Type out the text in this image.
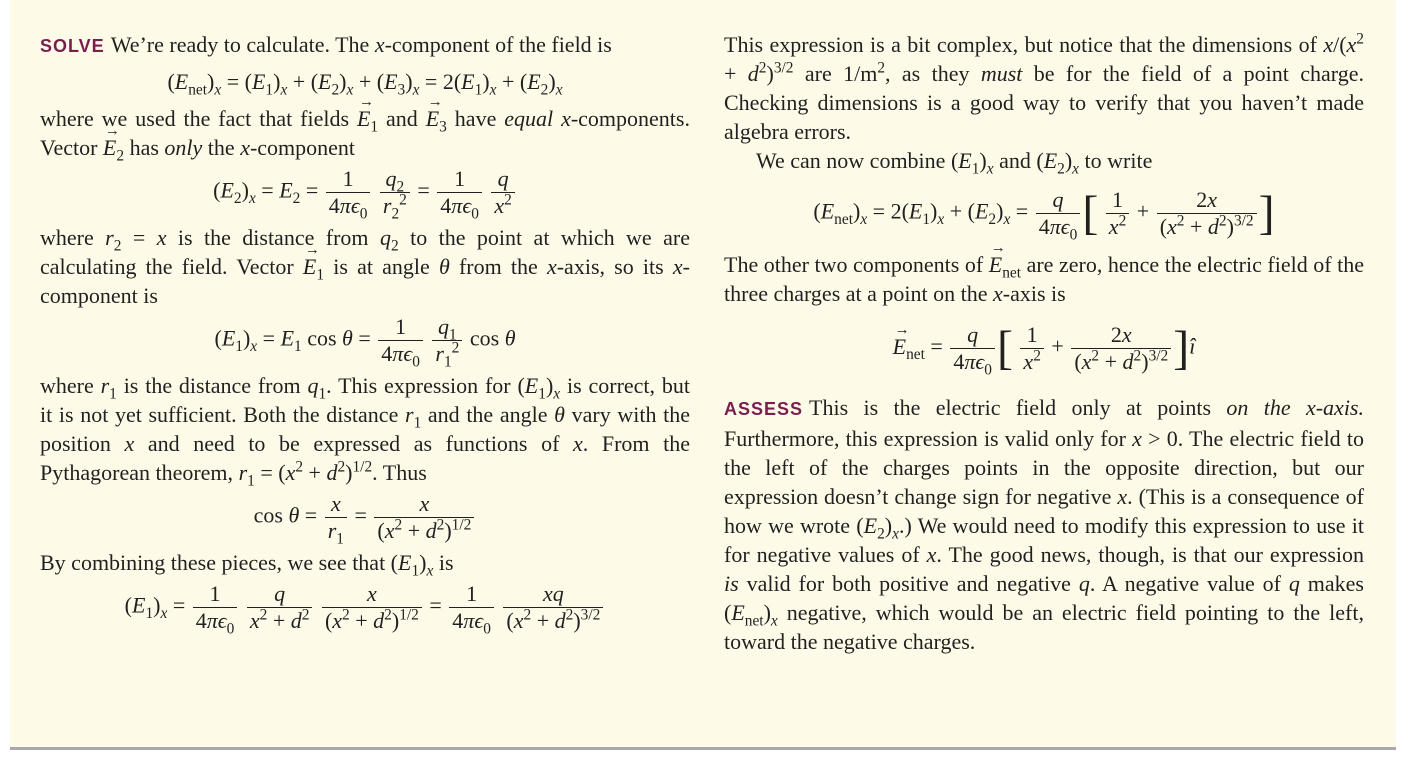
SOLVE We’re ready to calculate. The x-component of the field is

$(E_{net})_x = (E_1)_x + (E_2)_x + (E_3)_x = 2(E_1)_x + (E_2)_x$

where we used the fact that fields → $E_1$ and → $E_3$ have equal x-components. Vector → $E_2$ has only the x-component

$(E_2)_x = E_2 = \frac{1}{4\pi\epsilon_0}$
$\frac{q_2}{r_2^2} = \frac{1}{4\pi\epsilon_0}$
$\frac{q}{x^2}$

where $r_2 = x$ is the distance from $q_2$ to the point at which we are calculating the field. Vector → $E_1$ is at angle θ from the x-axis, so its x-component is

$(E_1)_x = E_1$ $\cos \theta = \frac{1}{4\pi\epsilon_0}$
$\frac{q_1}{r_1^2}$ cos θ

where $r_1$ is the distance from $q_1$. This expression for $(E_1)_x$ is correct, but it is not yet sufficient. Both the distance $r_1$ and the angle θ vary with the position x and need to be expressed as functions of x. From the Pythagorean theorem, $r_1 = (x^2 + d^2)^{1/2}$. Thus

$\cos \theta = \frac{x}{r_1} = \frac{x}{(x^2 + d^2)^{1/2}}$

By combining these pieces, we see that $(E_1)_x$ is

$(E_1)_x = \frac{1}{4\pi\epsilon_0}$
$\frac{q}{x^2 + d^2}$
$\frac{x}{(x^2 + d^2)^{1/2}} = \frac{1}{4\pi\epsilon_0}$
$\frac{xq}{(x^2 + d^2)^{3/2}}$

This expression is a bit complex, but notice that the dimensions of $x/(x^2 + d^2)^{3/2}$ are $1/m^2$, as they must be for the field of a point charge. Checking dimensions is a good way to verify that you haven’t made algebra errors.

We can now combine $(E_1)_x$ and $(E_2)_x$ to write

$(E_{net})_x = 2(E_1)_x + (E_2)_x = \frac{q}{4\pi\epsilon_0}$ [ $\frac{1}{x^2} + \frac{2x}{(x^2 + d^2)^{3/2}}$ ]

The other two components of → $E_{net}$ are zero, hence the electric field of the three charges at a point on the x-axis is

→ $E_{net} = \frac{q}{4\pi\epsilon_0}$ [ $\frac{1}{x^2} + \frac{2x}{(x^2 + d^2)^{3/2}}$ ]î

ASSESS This is the electric field only at points on the x-axis. Furthermore, this expression is valid only for x > 0. The electric field to the left of the charges points in the opposite direction, but our expression doesn’t change sign for negative x. (This is a consequence of how we wrote $(E_2)_x$.) We would need to modify this expression to use it for negative values of x. The good news, though, is that our expression is valid for both positive and negative q. A negative value of q makes $(E_{net})_x$ negative, which would be an electric field pointing to the left, toward the negative charges.
